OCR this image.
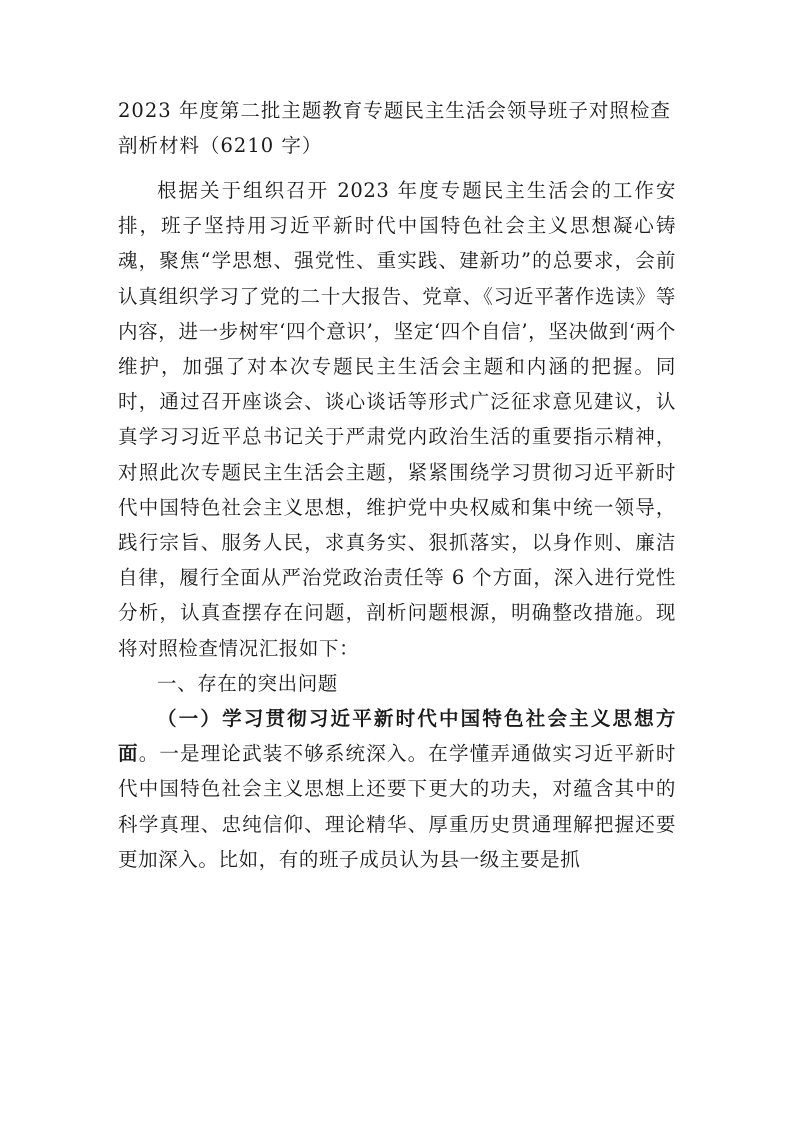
2023 年度第二批主题教育专题民主生活会领导班子对照检查剖析材料（6210 字）

根据关于组织召开 2023 年度专题民主生活会的工作安排，班子坚持用习近平新时代中国特色社会主义思想凝心铸魂，聚焦“学思想、强党性、重实践、建新功”的总要求，会前认真组织学习了党的二十大报告、党章、《习近平著作选读》等内容，进一步树牢‘四个意识’，坚定‘四个自信’，坚决做到‘两个维护，加强了对本次专题民主生活会主题和内涵的把握。同时，通过召开座谈会、谈心谈话等形式广泛征求意见建议，认真学习习近平总书记关于严肃党内政治生活的重要指示精神，对照此次专题民主生活会主题，紧紧围绕学习贯彻习近平新时代中国特色社会主义思想，维护党中央权威和集中统一领导，践行宗旨、服务人民，求真务实、狠抓落实，以身作则、廉洁自律，履行全面从严治党政治责任等 6 个方面，深入进行党性分析，认真查摆存在问题，剖析问题根源，明确整改措施。现将对照检查情况汇报如下：

一、存在的突出问题

（一）学习贯彻习近平新时代中国特色社会主义思想方面。一是理论武装不够系统深入。在学懂弄通做实习近平新时代中国特色社会主义思想上还要下更大的功夫，对蕴含其中的科学真理、忠纯信仰、理论精华、厚重历史贯通理解把握还要更加深入。比如，有的班子成员认为县一级主要是抓
